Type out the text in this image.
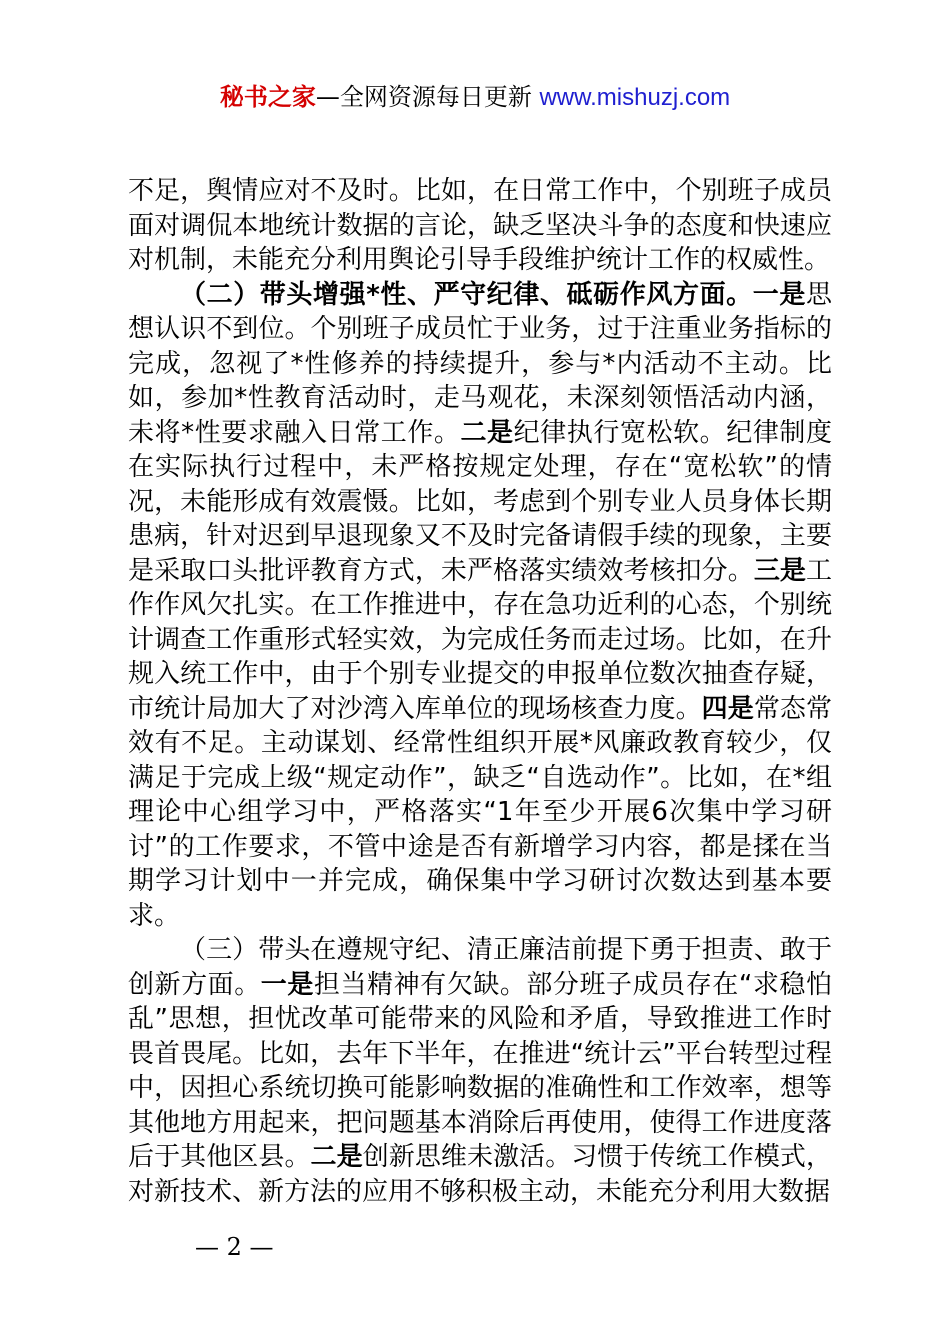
秘书之家—全网资源每日更新 www.mishuzj.com

不足，舆情应对不及时。比如，在日常工作中，个别班子成员面对调侃本地统计数据的言论，缺乏坚决斗争的态度和快速应对机制，未能充分利用舆论引导手段维护统计工作的权威性。

（二）带头增强*性、严守纪律、砥砺作风方面。一是思想认识不到位。个别班子成员忙于业务，过于注重业务指标的完成，忽视了*性修养的持续提升，参与*内活动不主动。比如，参加*性教育活动时，走马观花，未深刻领悟活动内涵，未将*性要求融入日常工作。二是纪律执行宽松软。纪律制度在实际执行过程中，未严格按规定处理，存在“宽松软”的情况，未能形成有效震慑。比如，考虑到个别专业人员身体长期患病，针对迟到早退现象又不及时完备请假手续的现象，主要是采取口头批评教育方式，未严格落实绩效考核扣分。三是工作作风欠扎实。在工作推进中，存在急功近利的心态，个别统计调查工作重形式轻实效，为完成任务而走过场。比如，在升规入统工作中，由于个别专业提交的申报单位数次抽查存疑，市统计局加大了对沙湾入库单位的现场核查力度。四是常态常效有不足。主动谋划、经常性组织开展*风廉政教育较少，仅满足于完成上级“规定动作”，缺乏“自选动作”。比如，在*组理论中心组学习中，严格落实“1年至少开展6次集中学习研讨”的工作要求，不管中途是否有新增学习内容，都是揉在当期学习计划中一并完成，确保集中学习研讨次数达到基本要求。

（三）带头在遵规守纪、清正廉洁前提下勇于担责、敢于创新方面。一是担当精神有欠缺。部分班子成员存在“求稳怕乱”思想，担忧改革可能带来的风险和矛盾，导致推进工作时畏首畏尾。比如，去年下半年，在推进“统计云”平台转型过程中，因担心系统切换可能影响数据的准确性和工作效率，想等其他地方用起来，把问题基本消除后再使用，使得工作进度落后于其他区县。二是创新思维未激活。习惯于传统工作模式，对新技术、新方法的应用不够积极主动，未能充分利用大数据

— 2 —
